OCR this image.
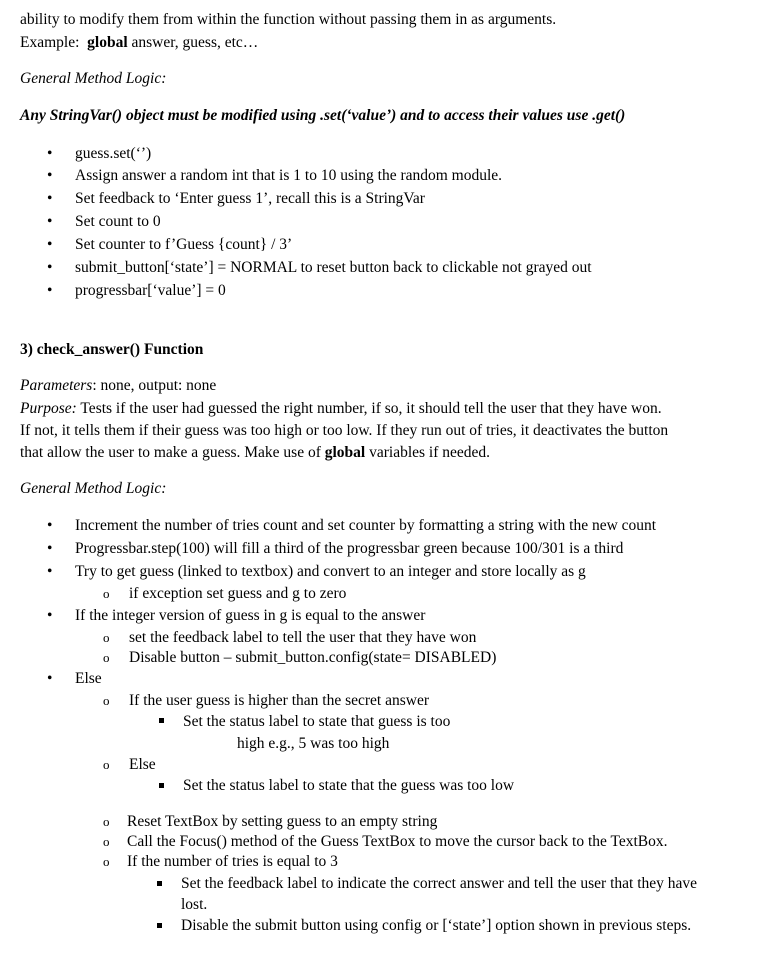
ability to modify them from within the function without passing them in as arguments.
Example: global answer, guess, etc…
General Method Logic:
Any StringVar() object must be modified using .set(‘value’) and to access their values use .get()
• guess.set(‘’)
• Assign answer a random int that is 1 to 10 using the random module.
• Set feedback to ‘Enter guess 1’, recall this is a StringVar
• Set count to 0
• Set counter to f’Guess {count} / 3’
• submit_button[‘state’] = NORMAL to reset button back to clickable not grayed out
• progressbar[‘value’] = 0
3) check_answer() Function
Parameters: none, output: none
Purpose: Tests if the user had guessed the right number, if so, it should tell the user that they have won.
If not, it tells them if their guess was too high or too low. If they run out of tries, it deactivates the button
that allow the user to make a guess. Make use of global variables if needed.
General Method Logic:
• Increment the number of tries count and set counter by formatting a string with the new count
• Progressbar.step(100) will fill a third of the progressbar green because 100/301 is a third
• Try to get guess (linked to textbox) and convert to an integer and store locally as g
o if exception set guess and g to zero
• If the integer version of guess in g is equal to the answer
o set the feedback label to tell the user that they have won
o Disable button – submit_button.config(state= DISABLED)
• Else
o If the user guess is higher than the secret answer
Set the status label to state that guess is too
high e.g., 5 was too high
o Else
Set the status label to state that the guess was too low
o Reset TextBox by setting guess to an empty string
o Call the Focus() method of the Guess TextBox to move the cursor back to the TextBox.
o If the number of tries is equal to 3
Set the feedback label to indicate the correct answer and tell the user that they have
lost.
Disable the submit button using config or [‘state’] option shown in previous steps.
